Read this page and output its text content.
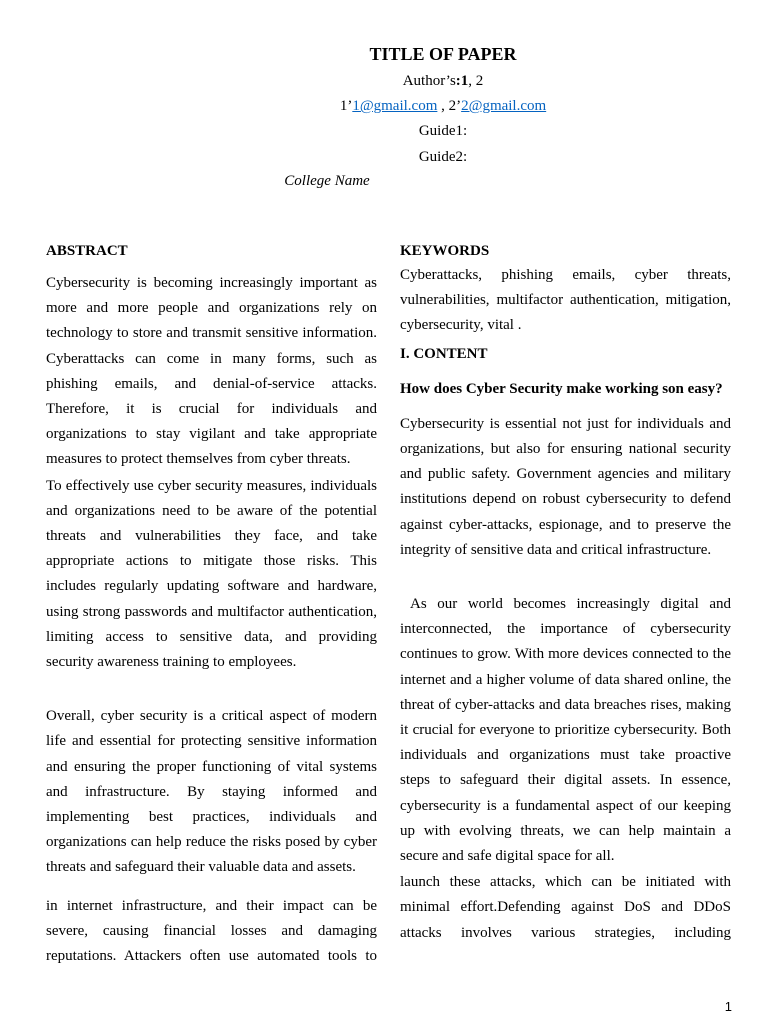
TITLE OF PAPER
Author’s:1, 2
1’1@gmail.com , 2’2@gmail.com
Guide1:
Guide2:
College Name
ABSTRACT

Cybersecurity is becoming increasingly important as more and more people and organizations rely on technology to store and transmit sensitive information. Cyberattacks can come in many forms, such as phishing emails, and denial-of-service attacks. Therefore, it is crucial for individuals and organizations to stay vigilant and take appropriate measures to protect themselves from cyber threats.

To effectively use cyber security measures, individuals and organizations need to be aware of the potential threats and vulnerabilities they face, and take appropriate actions to mitigate those risks. This includes regularly updating software and hardware, using strong passwords and multifactor authentication, limiting access to sensitive data, and providing security awareness training to employees.

Overall, cyber security is a critical aspect of modern life and essential for protecting sensitive information and ensuring the proper functioning of vital systems and infrastructure. By staying informed and implementing best practices, individuals and organizations can help reduce the risks posed by cyber threats and safeguard their valuable data and assets.

in internet infrastructure, and their impact can be severe, causing financial losses and damaging reputations. Attackers often use automated tools to

KEYWORDS

Cyberattacks, phishing emails, cyber threats, vulnerabilities, multifactor authentication, mitigation, cybersecurity, vital .

I. CONTENT
How does Cyber Security make working son easy?

Cybersecurity is essential not just for individuals and organizations, but also for ensuring national security and public safety. Government agencies and military institutions depend on robust cybersecurity to defend against cyber-attacks, espionage, and to preserve the integrity of sensitive data and critical infrastructure.

As our world becomes increasingly digital and interconnected, the importance of cybersecurity continues to grow. With more devices connected to the internet and a higher volume of data shared online, the threat of cyber-attacks and data breaches rises, making it crucial for everyone to prioritize cybersecurity. Both individuals and organizations must take proactive steps to safeguard their digital assets. In essence, cybersecurity is a fundamental aspect of our keeping up with evolving threats, we can help maintain a secure and safe digital space for all.

launch these attacks, which can be initiated with minimal effort.Defending against DoS and DDoS attacks involves various strategies, including

1
